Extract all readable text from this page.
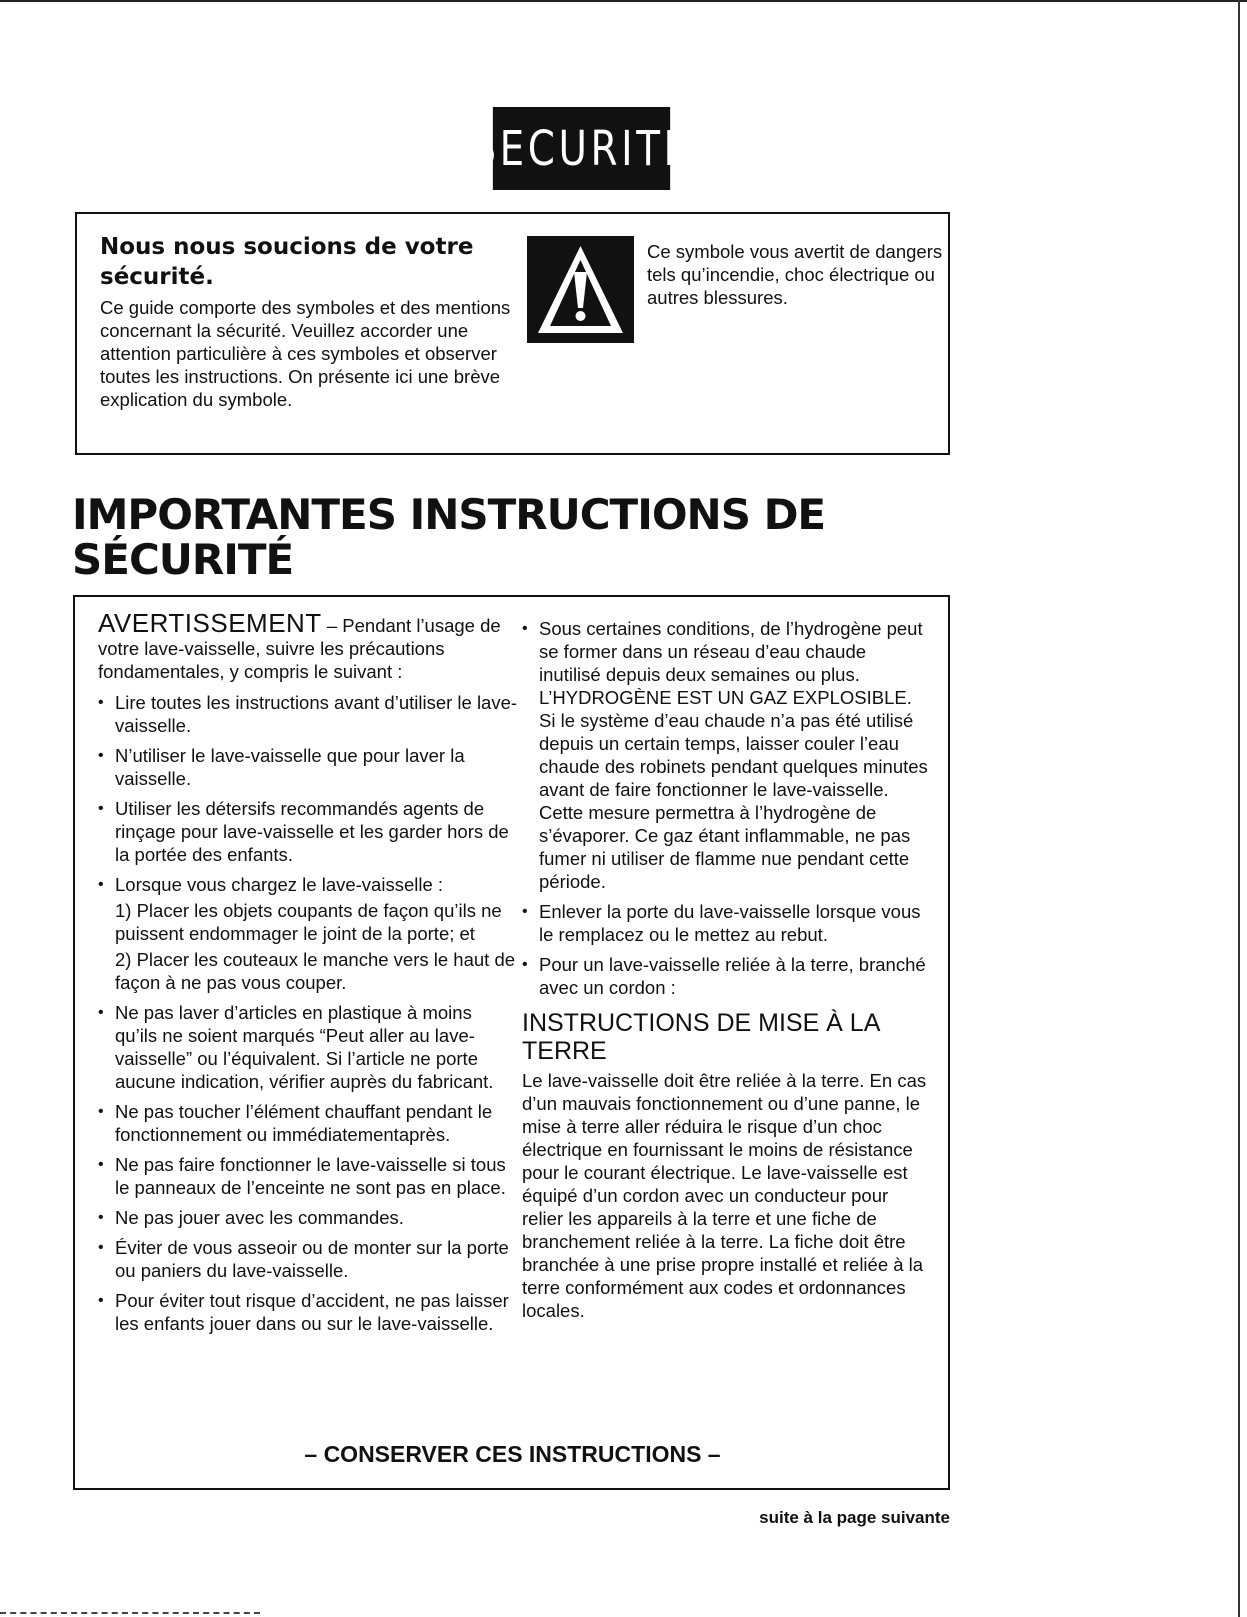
SECURITE
Nous nous soucions de votre sécurité.
Ce guide comporte des symboles et des mentions concernant la sécurité. Veuillez accorder une attention particulière à ces symboles et observer toutes les instructions. On présente ici une brève explication du symbole.
Ce symbole vous avertit de dangers tels qu’incendie, choc électrique ou autres blessures.
IMPORTANTES INSTRUCTIONS DE SÉCURITÉ
AVERTISSEMENT – Pendant l’usage de votre lave-vaisselle, suivre les précautions fondamentales, y compris le suivant :
• Lire toutes les instructions avant d’utiliser le lave-vaisselle.
• N’utiliser le lave-vaisselle que pour laver la vaisselle.
• Utiliser les détersifs recommandés agents de rinçage pour lave-vaisselle et les garder hors de la portée des enfants.
• Lorsque vous chargez le lave-vaisselle :
1) Placer les objets coupants de façon qu’ils ne puissent endommager le joint de la porte; et
2) Placer les couteaux le manche vers le haut de façon à ne pas vous couper.
• Ne pas laver d’articles en plastique à moins qu’ils ne soient marqués “Peut aller au lave-vaisselle” ou l’équivalent. Si l’article ne porte aucune indication, vérifier auprès du fabricant.
• Ne pas toucher l’élément chauffant pendant le fonctionnement ou immédiatementaprès.
• Ne pas faire fonctionner le lave-vaisselle si tous le panneaux de l’enceinte ne sont pas en place.
• Ne pas jouer avec les commandes.
• Éviter de vous asseoir ou de monter sur la porte ou paniers du lave-vaisselle.
• Pour éviter tout risque d’accident, ne pas laisser les enfants jouer dans ou sur le lave-vaisselle.
• Sous certaines conditions, de l’hydrogène peut se former dans un réseau d’eau chaude inutilisé depuis deux semaines ou plus. L’HYDROGÈNE EST UN GAZ EXPLOSIBLE. Si le système d’eau chaude n’a pas été utilisé depuis un certain temps, laisser couler l’eau chaude des robinets pendant quelques minutes avant de faire fonctionner le lave-vaisselle. Cette mesure permettra à l’hydrogène de s’évaporer. Ce gaz étant inflammable, ne pas fumer ni utiliser de flamme nue pendant cette période.
• Enlever la porte du lave-vaisselle lorsque vous le remplacez ou le mettez au rebut.
• Pour un lave-vaisselle reliée à la terre, branché avec un cordon :
INSTRUCTIONS DE MISE À LA TERRE
Le lave-vaisselle doit être reliée à la terre. En cas d’un mauvais fonctionnement ou d’une panne, le mise à terre aller réduira le risque d’un choc électrique en fournissant le moins de résistance pour le courant électrique. Le lave-vaisselle est équipé d’un cordon avec un conducteur pour relier les appareils à la terre et une fiche de branchement reliée à la terre. La fiche doit être branchée à une prise propre installé et reliée à la terre conformément aux codes et ordonnances locales.
– CONSERVER CES INSTRUCTIONS –
suite à la page suivante
